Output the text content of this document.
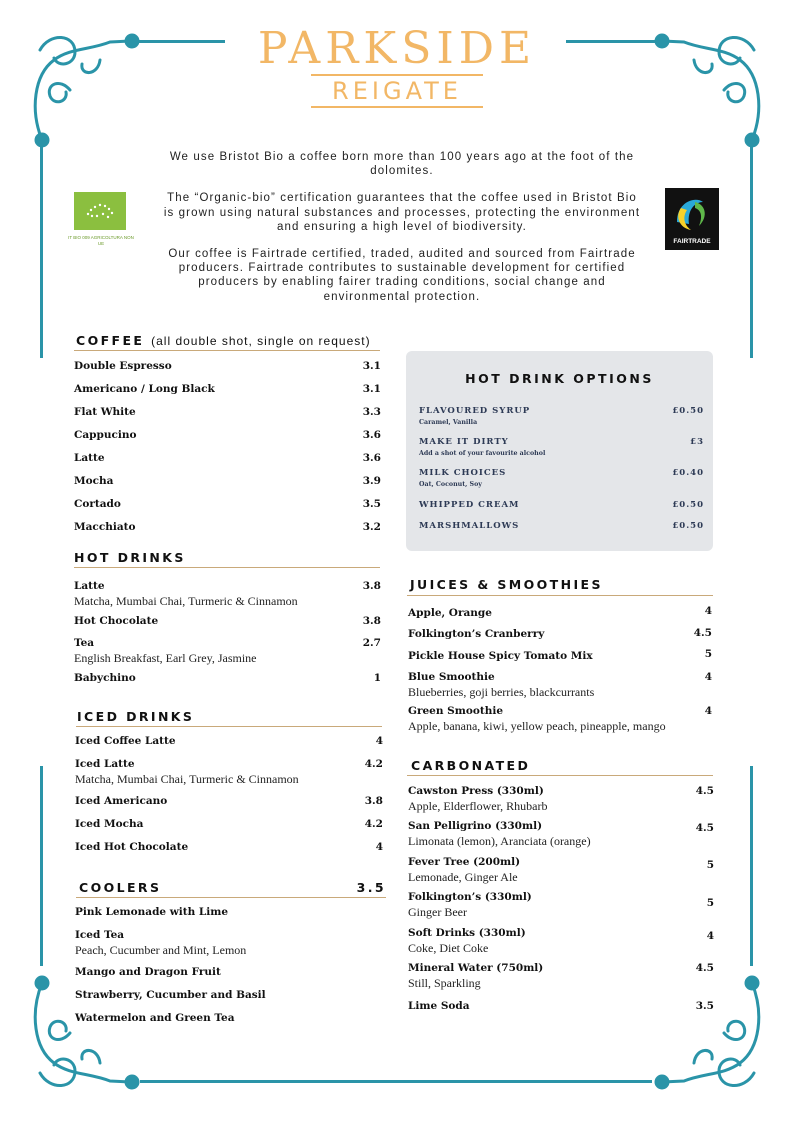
PARKSIDE
REIGATE
IT BIO 009 AGRICOLTURA NON UE	FAIRTRADE

We use Bristot Bio a coffee born more than 100 years ago at the foot of the dolomites.

The “Organic-bio” certification guarantees that the coffee used in Bristot Bio is grown using natural substances and processes, protecting the environment and ensuring a high level of biodiversity.

Our coffee is Fairtrade certified, traded, audited and sourced from Fairtrade producers. Fairtrade contributes to sustainable development for certified producers by enabling fairer trading conditions, social change and environmental protection.

COFFEE (all double shot, single on request)
Double Espresso	3.1
Americano / Long Black	3.1
Flat White	3.3
Cappucino	3.6
Latte	3.6
Mocha	3.9
Cortado	3.5
Macchiato	3.2
HOT DRINKS
Latte	3.8
Matcha, Mumbai Chai, Turmeric & Cinnamon
Hot Chocolate	3.8
Tea	2.7
English Breakfast, Earl Grey, Jasmine
Babychino	1
ICED DRINKS
Iced Coffee Latte	4
Iced Latte	4.2
Matcha, Mumbai Chai, Turmeric & Cinnamon
Iced Americano	3.8
Iced Mocha	4.2
Iced Hot Chocolate	4
COOLERS	3.5
Pink Lemonade with Lime
Iced Tea
Peach, Cucumber and Mint, Lemon
Mango and Dragon Fruit
Strawberry, Cucumber and Basil
Watermelon and Green Tea
HOT DRINK OPTIONS
FLAVOURED SYRUP	£0.50
Caramel, Vanilla
MAKE IT DIRTY	£3
Add a shot of your favourite alcohol
MILK CHOICES	£0.40
Oat, Coconut, Soy
WHIPPED CREAM	£0.50
MARSHMALLOWS	£0.50
JUICES & SMOOTHIES
Apple, Orange	4
Folkington’s Cranberry	4.5
Pickle House Spicy Tomato Mix	5
Blue Smoothie	4
Blueberries, goji berries, blackcurrants
Green Smoothie	4
Apple, banana, kiwi, yellow peach, pineapple, mango
CARBONATED
Cawston Press (330ml)	4.5
Apple, Elderflower, Rhubarb
San Pelligrino (330ml)	4.5
Limonata (lemon), Aranciata (orange)
Fever Tree (200ml)	5
Lemonade, Ginger Ale
Folkington’s (330ml)	5
Ginger Beer
Soft Drinks (330ml)	4
Coke, Diet Coke
Mineral Water (750ml)	4.5
Still, Sparkling
Lime Soda	3.5
